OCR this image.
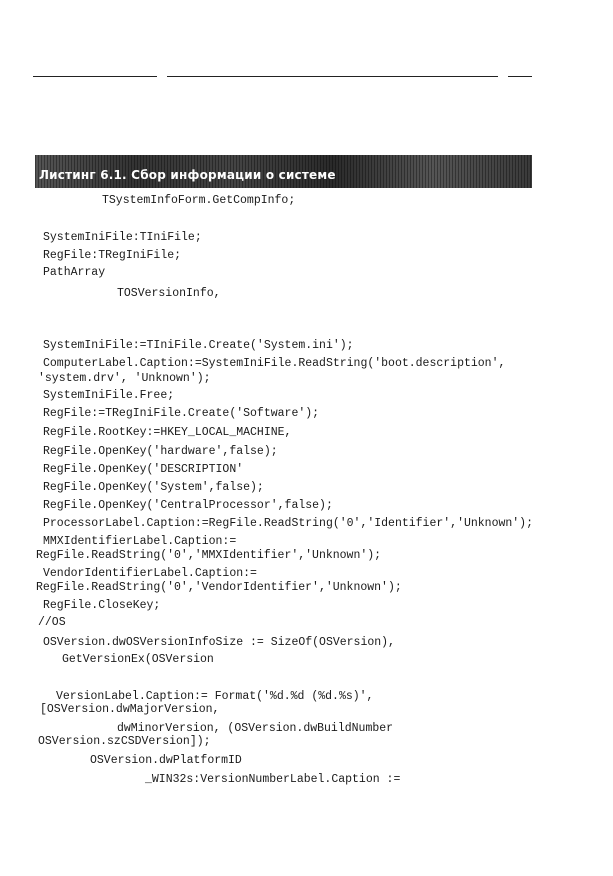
Листинг 6.1. Сбор информации о системе
TSystemInfoForm.GetCompInfo;
SystemIniFile:TIniFile;
RegFile:TRegIniFile;
PathArray
TOSVersionInfo,
SystemIniFile:=TIniFile.Create('System.ini');
ComputerLabel.Caption:=SystemIniFile.ReadString('boot.description',
'system.drv', 'Unknown');
SystemIniFile.Free;
RegFile:=TRegIniFile.Create('Software');
RegFile.RootKey:=HKEY_LOCAL_MACHINE,
RegFile.OpenKey('hardware',false);
RegFile.OpenKey('DESCRIPTION'
RegFile.OpenKey('System',false);
RegFile.OpenKey('CentralProcessor',false);
ProcessorLabel.Caption:=RegFile.ReadString('0','Identifier','Unknown');
MMXIdentifierLabel.Caption:=
RegFile.ReadString('0','MMXIdentifier','Unknown');
VendorIdentifierLabel.Caption:=
RegFile.ReadString('0','VendorIdentifier','Unknown');
RegFile.CloseKey;
//OS
OSVersion.dwOSVersionInfoSize := SizeOf(OSVersion),
GetVersionEx(OSVersion
VersionLabel.Caption:= Format('%d.%d (%d.%s)',
[OSVersion.dwMajorVersion,
dwMinorVersion, (OSVersion.dwBuildNumber
OSVersion.szCSDVersion]);
OSVersion.dwPlatformID
_WIN32s:VersionNumberLabel.Caption :=
